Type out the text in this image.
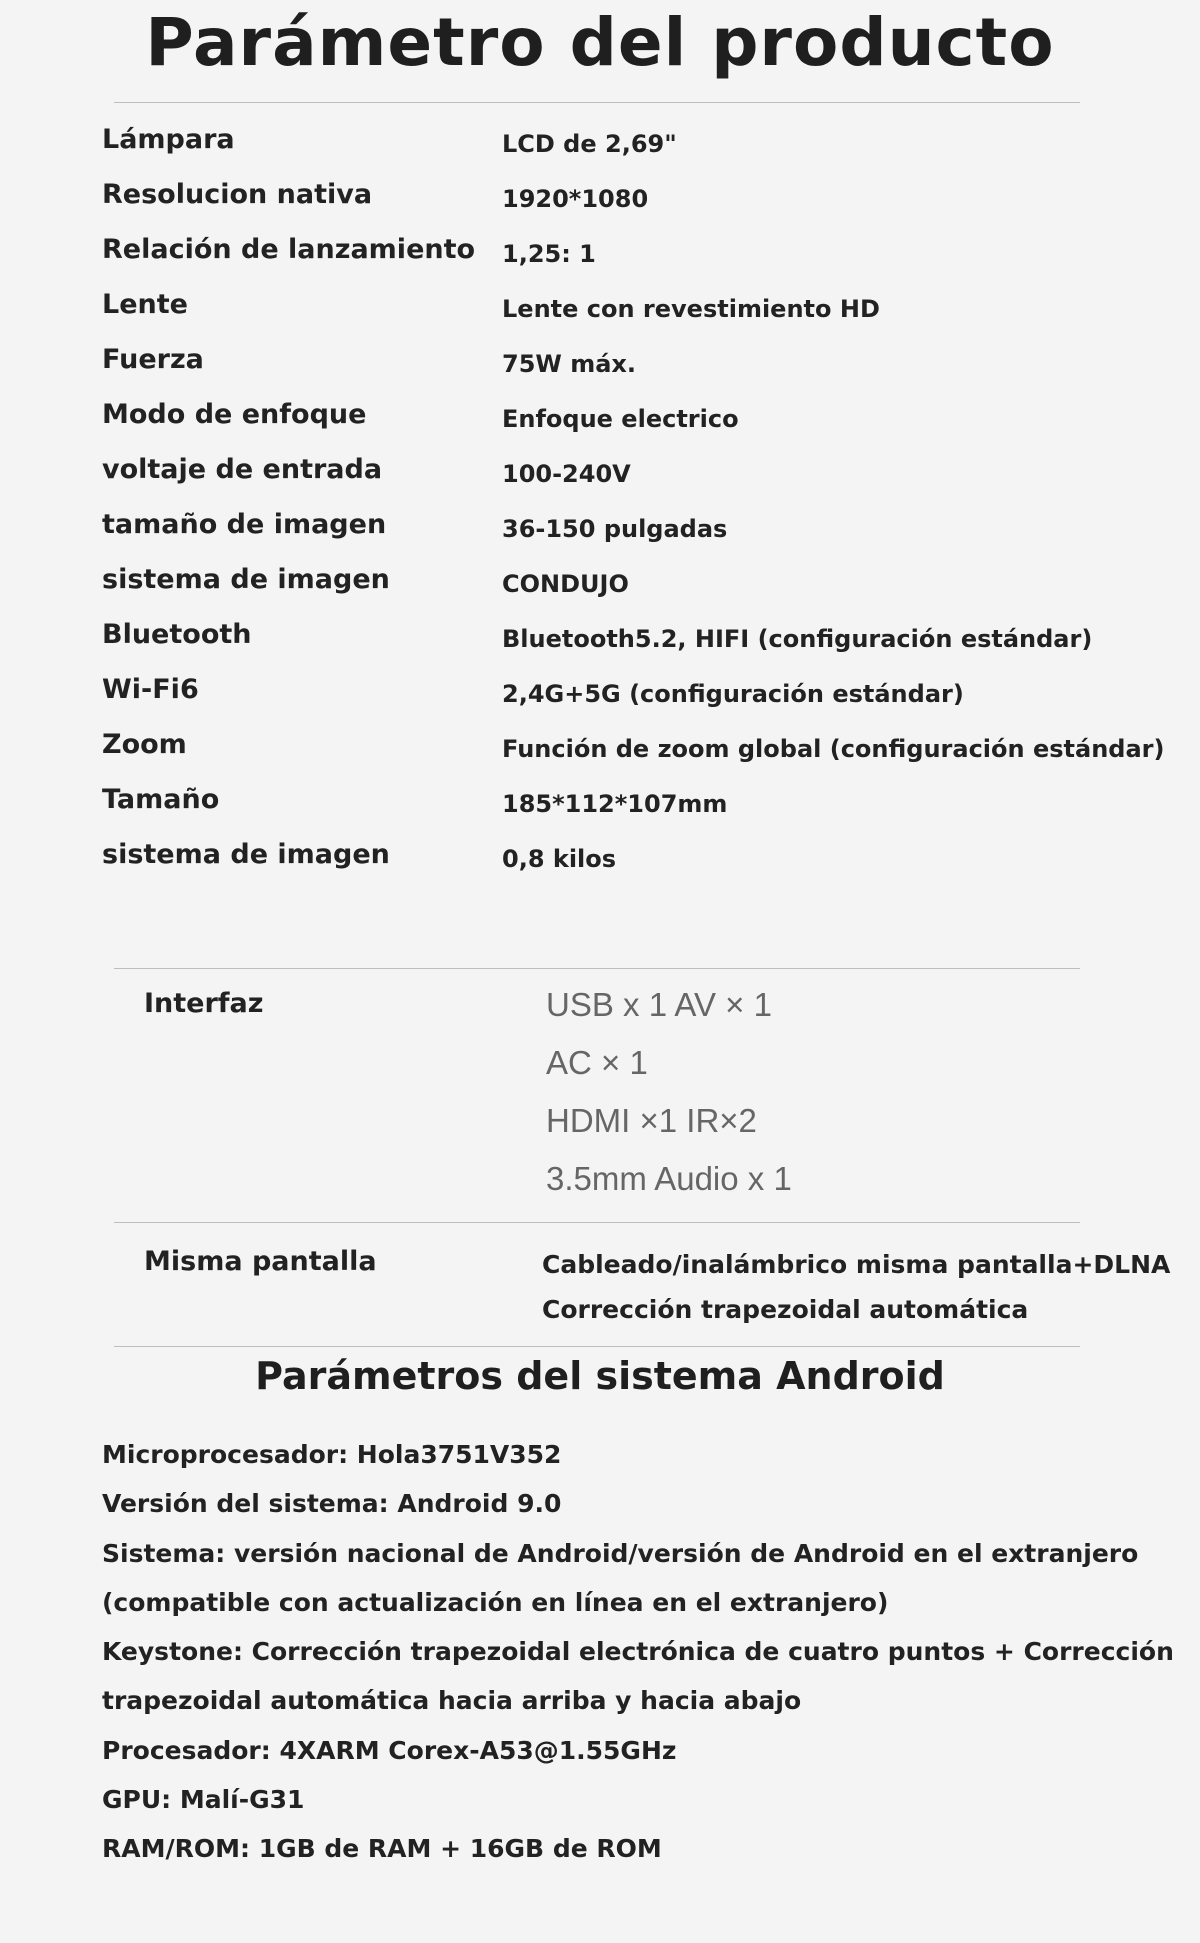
Parámetro del producto
Lámpara	LCD de 2,69"
Resolucion nativa	1920*1080
Relación de lanzamiento 1,25: 1
Lente	Lente con revestimiento HD
Fuerza	75W máx.
Modo de enfoque	Enfoque electrico
voltaje de entrada	100-240V
tamaño de imagen	36-150 pulgadas
sistema de imagen	CONDUJO
Bluetooth	Bluetooth5.2, HIFI (configuración estándar)
Wi-Fi6	2,4G+5G (configuración estándar)
Zoom	Función de zoom global (configuración estándar)
Tamaño	185*112*107mm
sistema de imagen	0,8 kilos
Interfaz	USB x 1 AV × 1
AC × 1
HDMI ×1 IR×2
3.5mm Audio x 1
Misma pantalla	Cableado/inalámbrico misma pantalla+DLNA
Corrección trapezoidal automática
Parámetros del sistema Android
Microprocesador: Hola3751V352
Versión del sistema: Android 9.0
Sistema: versión nacional de Android/versión de Android en el extranjero
(compatible con actualización en línea en el extranjero)
Keystone: Corrección trapezoidal electrónica de cuatro puntos + Corrección
trapezoidal automática hacia arriba y hacia abajo
Procesador: 4XARM Corex-A53@1.55GHz
GPU: Malí-G31
RAM/ROM: 1GB de RAM + 16GB de ROM
